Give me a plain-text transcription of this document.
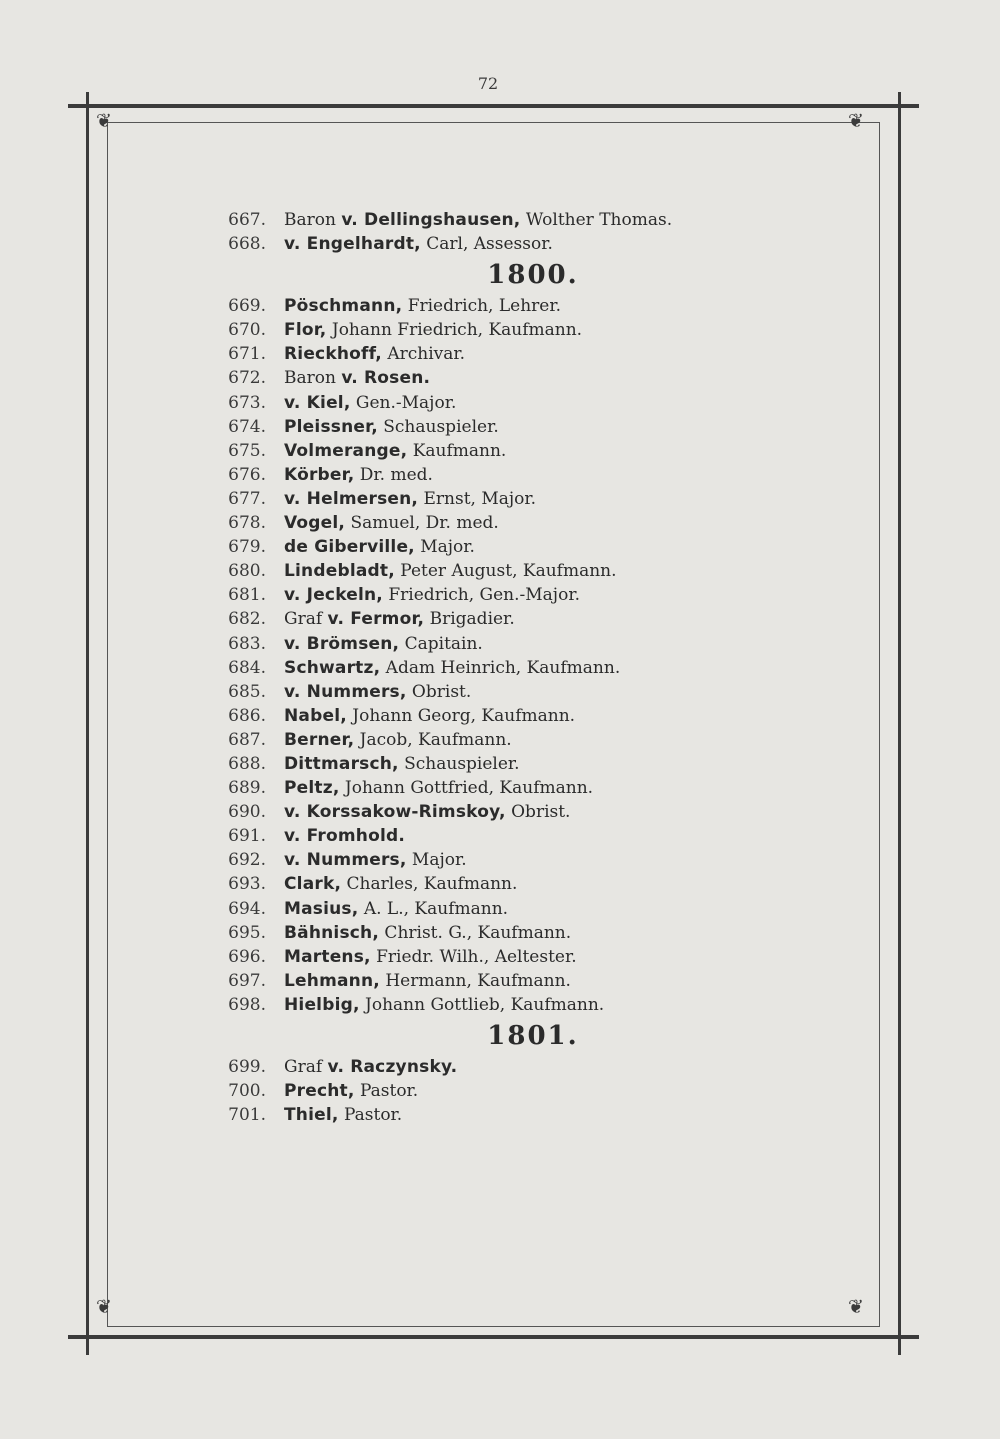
72
❦	❦
❦	❦
667. Baron v. Dellingshausen, Wolther Thomas.
668. v. Engelhardt, Carl, Assessor.
1800.
669. Pöschmann, Friedrich, Lehrer.
670. Flor, Johann Friedrich, Kaufmann.
671. Rieckhoff, Archivar.
672. Baron v. Rosen.
673. v. Kiel, Gen.-Major.
674. Pleissner, Schauspieler.
675. Volmerange, Kaufmann.
676. Körber, Dr. med.
677. v. Helmersen, Ernst, Major.
678. Vogel, Samuel, Dr. med.
679. de Giberville, Major.
680. Lindebladt, Peter August, Kaufmann.
681. v. Jeckeln, Friedrich, Gen.-Major.
682. Graf v. Fermor, Brigadier.
683. v. Brömsen, Capitain.
684. Schwartz, Adam Heinrich, Kaufmann.
685. v. Nummers, Obrist.
686. Nabel, Johann Georg, Kaufmann.
687. Berner, Jacob, Kaufmann.
688. Dittmarsch, Schauspieler.
689. Peltz, Johann Gottfried, Kaufmann.
690. v. Korssakow-Rimskoy, Obrist.
691. v. Fromhold.
692. v. Nummers, Major.
693. Clark, Charles, Kaufmann.
694. Masius, A. L., Kaufmann.
695. Bähnisch, Christ. G., Kaufmann.
696. Martens, Friedr. Wilh., Aeltester.
697. Lehmann, Hermann, Kaufmann.
698. Hielbig, Johann Gottlieb, Kaufmann.
1801.
699. Graf v. Raczynsky.
700. Precht, Pastor.
701. Thiel, Pastor.
